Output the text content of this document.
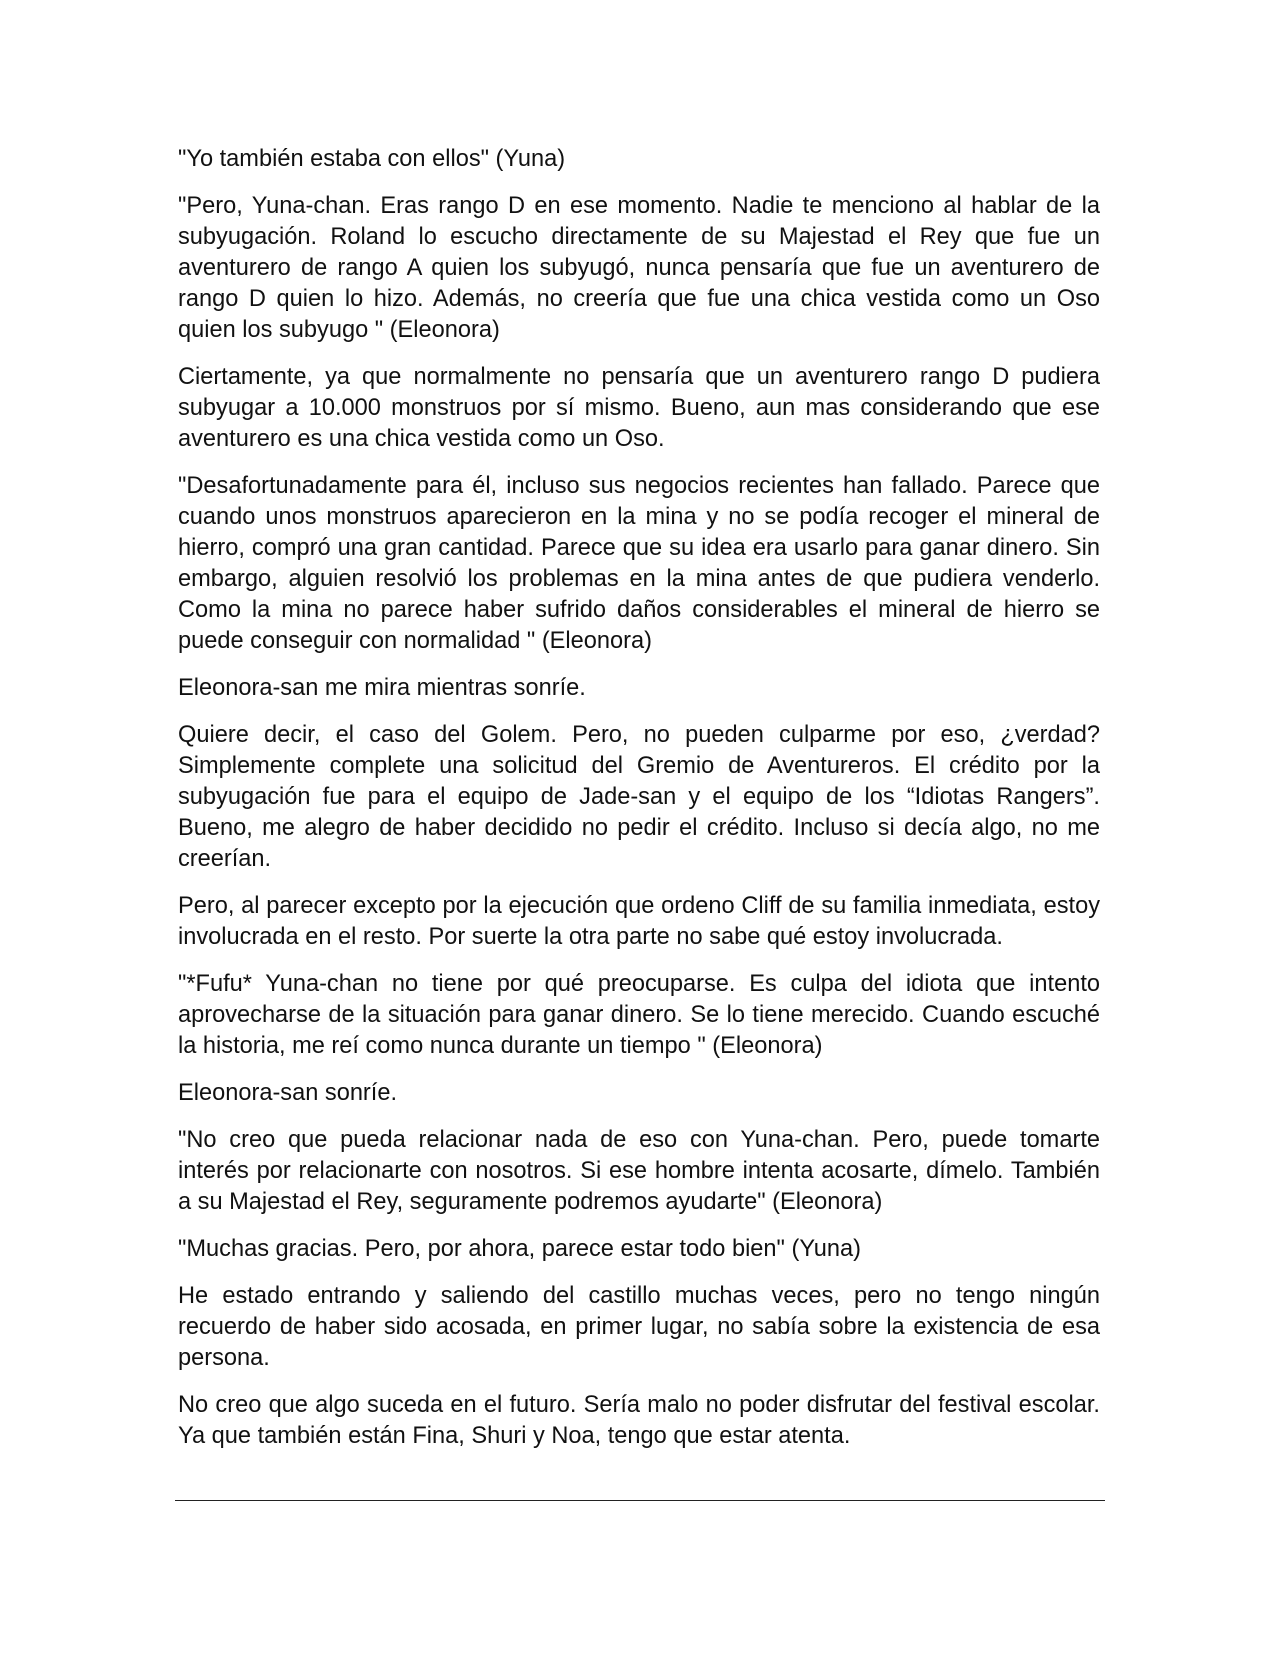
"Yo también estaba con ellos" (Yuna)

"Pero, Yuna-chan. Eras rango D en ese momento. Nadie te menciono al hablar de la subyugación. Roland lo escucho directamente de su Majestad el Rey que fue un aventurero de rango A quien los subyugó, nunca pensaría que fue un aventurero de rango D quien lo hizo. Además, no creería que fue una chica vestida como un Oso quien los subyugo " (Eleonora)

Ciertamente, ya que normalmente no pensaría que un aventurero rango D pudiera subyugar a 10.000 monstruos por sí mismo. Bueno, aun mas considerando que ese aventurero es una chica vestida como un Oso.

"Desafortunadamente para él, incluso sus negocios recientes han fallado. Parece que cuando unos monstruos aparecieron en la mina y no se podía recoger el mineral de hierro, compró una gran cantidad. Parece que su idea era usarlo para ganar dinero. Sin embargo, alguien resolvió los problemas en la mina antes de que pudiera venderlo. Como la mina no parece haber sufrido daños considerables el mineral de hierro se puede conseguir con normalidad " (Eleonora)

Eleonora-san me mira mientras sonríe.

Quiere decir, el caso del Golem. Pero, no pueden culparme por eso, ¿verdad? Simplemente complete una solicitud del Gremio de Aventureros. El crédito por la subyugación fue para el equipo de Jade-san y el equipo de los “Idiotas Rangers”. Bueno, me alegro de haber decidido no pedir el crédito. Incluso si decía algo, no me creerían.

Pero, al parecer excepto por la ejecución que ordeno Cliff de su familia inmediata, estoy involucrada en el resto. Por suerte la otra parte no sabe qué estoy involucrada.

"*Fufu* Yuna-chan no tiene por qué preocuparse. Es culpa del idiota que intento aprovecharse de la situación para ganar dinero. Se lo tiene merecido. Cuando escuché la historia, me reí como nunca durante un tiempo " (Eleonora)

Eleonora-san sonríe.

"No creo que pueda relacionar nada de eso con Yuna-chan. Pero, puede tomarte interés por relacionarte con nosotros. Si ese hombre intenta acosarte, dímelo. También a su Majestad el Rey, seguramente podremos ayudarte" (Eleonora)

"Muchas gracias. Pero, por ahora, parece estar todo bien" (Yuna)

He estado entrando y saliendo del castillo muchas veces, pero no tengo ningún recuerdo de haber sido acosada, en primer lugar, no sabía sobre la existencia de esa persona.

No creo que algo suceda en el futuro. Sería malo no poder disfrutar del festival escolar. Ya que también están Fina, Shuri y Noa, tengo que estar atenta.
